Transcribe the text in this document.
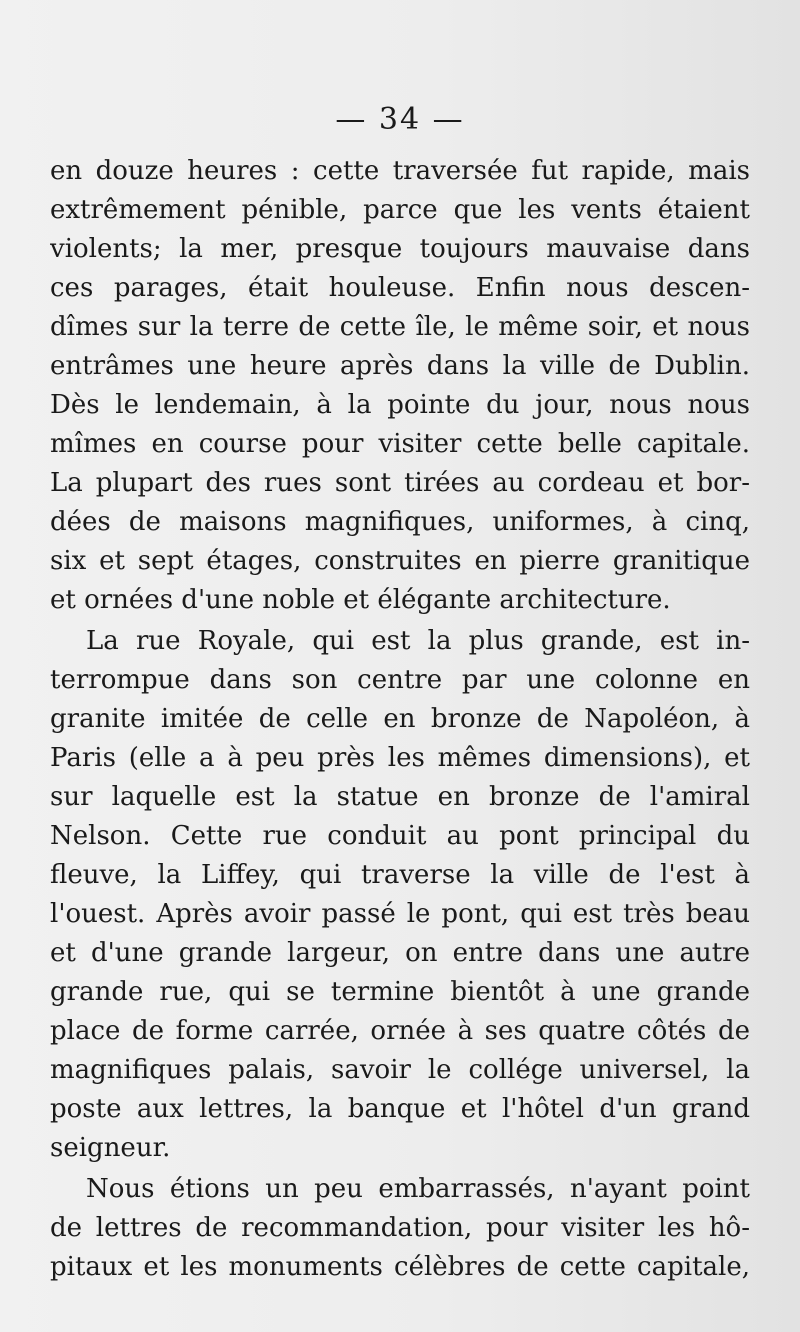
— 34 —
en douze heures : cette traversée fut rapide, mais
extrêmement pénible, parce que les vents étaient
violents; la mer, presque toujours mauvaise dans
ces parages, était houleuse. Enfin nous descen-
dîmes sur la terre de cette île, le même soir, et nous
entrâmes une heure après dans la ville de Dublin.
Dès le lendemain, à la pointe du jour, nous nous
mîmes en course pour visiter cette belle capitale.
La plupart des rues sont tirées au cordeau et bor-
dées de maisons magnifiques, uniformes, à cinq,
six et sept étages, construites en pierre granitique
et ornées d'une noble et élégante architecture.
La rue Royale, qui est la plus grande, est in-
terrompue dans son centre par une colonne en
granite imitée de celle en bronze de Napoléon, à
Paris (elle a à peu près les mêmes dimensions), et
sur laquelle est la statue en bronze de l'amiral
Nelson. Cette rue conduit au pont principal du
fleuve, la Liffey, qui traverse la ville de l'est à
l'ouest. Après avoir passé le pont, qui est très beau
et d'une grande largeur, on entre dans une autre
grande rue, qui se termine bientôt à une grande
place de forme carrée, ornée à ses quatre côtés de
magnifiques palais, savoir le collége universel, la
poste aux lettres, la banque et l'hôtel d'un grand
seigneur.
Nous étions un peu embarrassés, n'ayant point
de lettres de recommandation, pour visiter les hô-
pitaux et les monuments célèbres de cette capitale,
